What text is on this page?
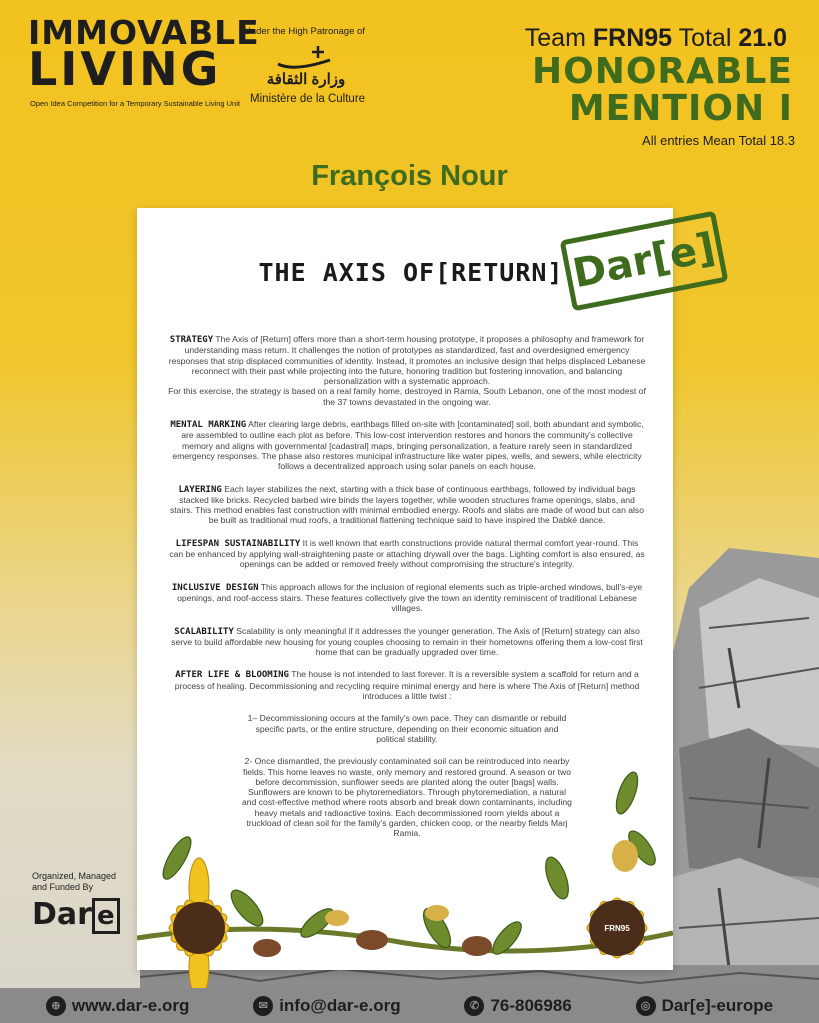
IMMOVABLE
LIVING
Open Idea Competition for a Temporary Sustainable Living Unit
Under the High Patronage of
وزارة الثقافة
Ministère de la Culture
Team FRN95 Total 21.0
HONORABLE
MENTION I
All entries Mean Total 18.3
François Nour
Dar[e]
THE AXIS OF[RETURN]
STRATEGY The Axis of [Return] offers more than a short-term housing prototype, it proposes a philosophy and framework for understanding mass return. It challenges the notion of prototypes as standardized, fast and overdesigned emergency responses that strip displaced communities of identity. Instead, it promotes an inclusive design that helps displaced Lebanese reconnect with their past while projecting into the future, honoring tradition but fostering innovation, and balancing personalization with a systematic approach.
For this exercise, the strategy is based on a real family home, destroyed in Ramia, South Lebanon, one of the most modest of the 37 towns devastated in the ongoing war.
MENTAL MARKING After clearing large debris, earthbags filled on-site with [contaminated] soil, both abundant and symbolic, are assembled to outline each plot as before. This low-cost intervention restores and honors the community's collective memory and aligns with governmental [cadastral] maps, bringing personalization, a feature rarely seen in standardized emergency responses. The phase also restores municipal infrastructure like water pipes, wells, and sewers, while electricity follows a decentralized approach using solar panels on each house.
LAYERING Each layer stabilizes the next, starting with a thick base of continuous earthbags, followed by individual bags stacked like bricks. Recycled barbed wire binds the layers together, while wooden structures frame openings, slabs, and stairs. This method enables fast construction with minimal embodied energy. Roofs and slabs are made of wood but can also be built as traditional mud roofs, a traditional flattening technique said to have inspired the Dabké dance.
LIFESPAN SUSTAINABILITY It is well known that earth constructions provide natural thermal comfort year-round. This can be enhanced by applying wall-straightening paste or attaching drywall over the bags. Lighting comfort is also ensured, as openings can be added or removed freely without compromising the structure's integrity.
INCLUSIVE DESIGN This approach allows for the inclusion of regional elements such as triple-arched windows, bull's-eye openings, and roof-access stairs. These features collectively give the town an identity reminiscent of traditional Lebanese villages.
SCALABILITY Scalability is only meaningful if it addresses the younger generation. The Axis of [Return] strategy can also serve to build affordable new housing for young couples choosing to remain in their hometowns offering them a low-cost first home that can be gradually upgraded over time.
AFTER LIFE & BLOOMING The house is not intended to last forever. It is a reversible system a scaffold for return and a process of healing. Decommissioning and recycling require minimal energy and here is where The Axis of [Return] method introduces a little twist :
1– Decommissioning occurs at the family's own pace. They can dismantle or rebuild specific parts, or the entire structure, depending on their economic situation and political stability.
2- Once dismantled, the previously contaminated soil can be reintroduced into nearby fields. This home leaves no waste, only memory and restored ground. A season or two before decommission, sunflower seeds are planted along the outer [bags] walls. Sunflowers are known to be phytoremediators. Through phytoremediation, a natural and cost-effective method where roots absorb and break down contaminants, including heavy metals and radioactive toxins. Each decommissioned room yields about a truckload of clean soil for the family's garden, chicken coop, or the nearby fields Marj Ramia.
FRN95
Organized, Managed and Funded By
Dar e
⊕ www.dar-e.org	✉ info@dar-e.org	✆ 76-806986	◎ Dar[e]-europe
